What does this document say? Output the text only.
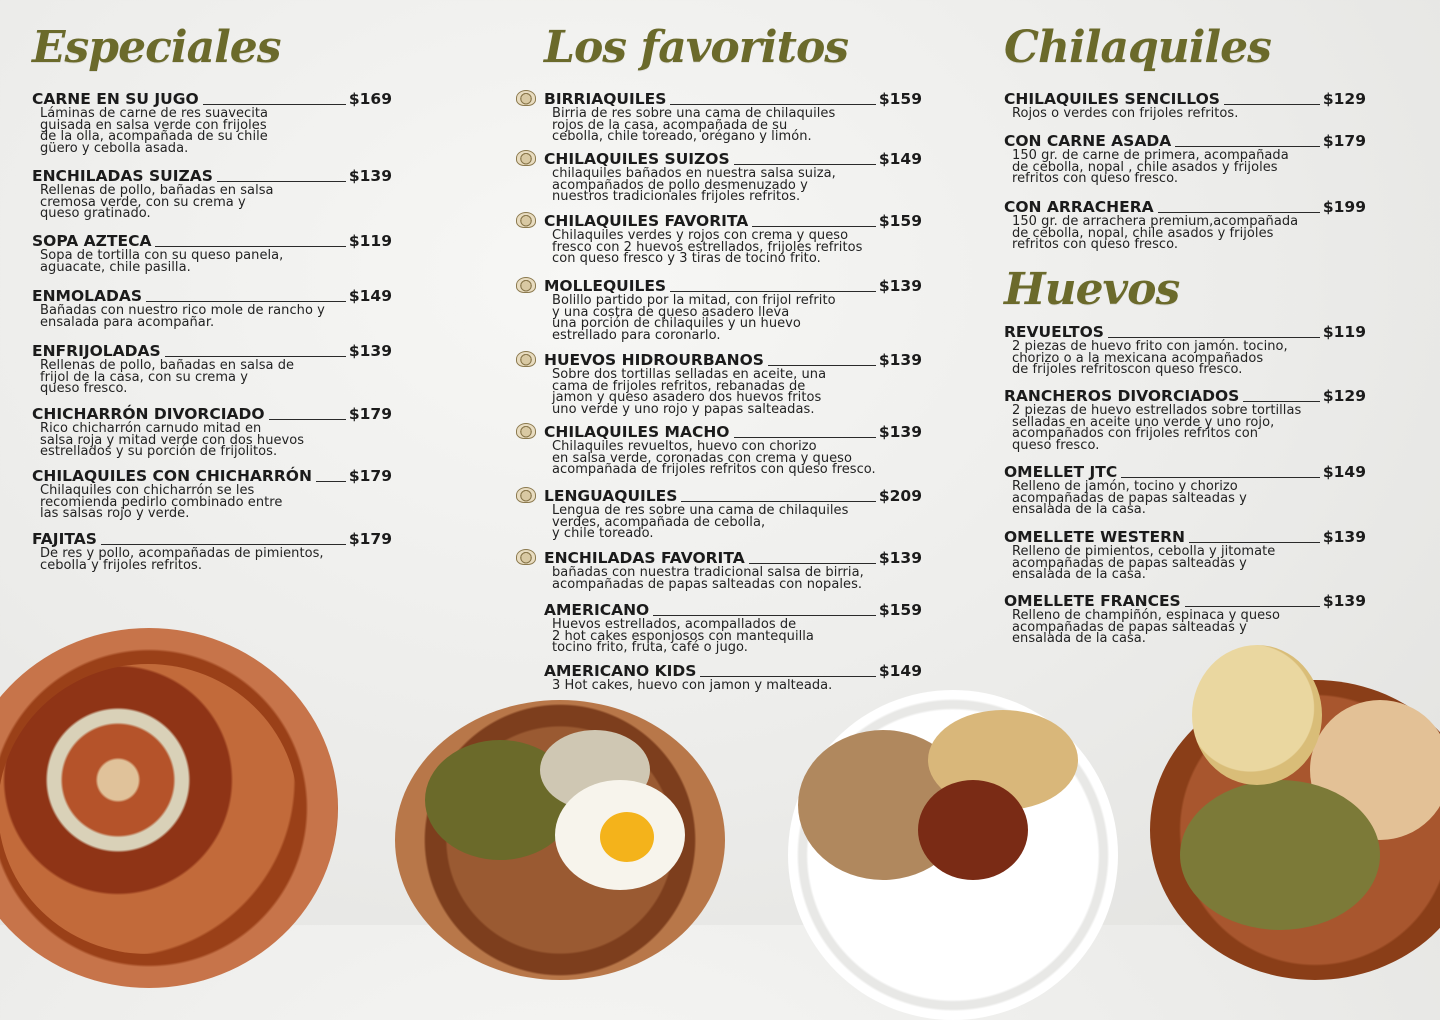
Especiales
CARNE EN SU JUGO	$169

Láminas de carne de res suavecita
guisada en salsa verde con frijoles
de la olla, acompañada de su chile
güero y cebolla asada.

ENCHILADAS SUIZAS	$139

Rellenas de pollo, bañadas en salsa
cremosa verde, con su crema y
queso gratinado.

SOPA AZTECA	$119

Sopa de tortilla con su queso panela,
aguacate, chile pasilla.

ENMOLADAS	$149

Bañadas con nuestro rico mole de rancho y
ensalada para acompañar.

ENFRIJOLADAS	$139

Rellenas de pollo, bañadas en salsa de
frijol de la casa, con su crema y
queso fresco.

CHICHARRÓN DIVORCIADO	$179

Rico chicharrón carnudo mitad en
salsa roja y mitad verde con dos huevos
estrellados y su porción de frijolitos.

CHILAQUILES CON CHICHARRÓN $179

Chilaquiles con chicharrón se les
recomienda pedirlo combinado entre
las salsas rojo y verde.

FAJITAS	$179

De res y pollo, acompañadas de pimientos,
cebolla y frijoles refritos.

Los favoritos
BIRRIAQUILES	$159

Birria de res sobre una cama de chilaquiles
rojos de la casa, acompañada de su
cebolla, chile toreado, orégano y limón.

CHILAQUILES SUIZOS	$149

chilaquiles bañados en nuestra salsa suiza,
acompañados de pollo desmenuzado y
nuestros tradicionales frijoles refritos.

CHILAQUILES FAVORITA	$159

Chilaquiles verdes y rojos con crema y queso
fresco con 2 huevos estrellados, frijoles refritos
con queso fresco y 3 tiras de tocino frito.

MOLLEQUILES	$139

Bolillo partido por la mitad, con frijol refrito
y una costra de queso asadero lleva
una porción de chilaquiles y un huevo
estrellado para coronarlo.

HUEVOS HIDROURBANOS	$139

Sobre dos tortillas selladas en aceite, una
cama de frijoles refritos, rebanadas de
jamon y queso asadero dos huevos fritos
uno verde y uno rojo y papas salteadas.

CHILAQUILES MACHO	$139

Chilaquiles revueltos, huevo con chorizo
en salsa verde, coronadas con crema y queso
acompañada de frijoles refritos con queso fresco.

LENGUAQUILES	$209

Lengua de res sobre una cama de chilaquiles
verdes, acompañada de cebolla,
y chile toreado.

ENCHILADAS FAVORITA	$139

bañadas con nuestra tradicional salsa de birria,
acompañadas de papas salteadas con nopales.

AMERICANO	$159

Huevos estrellados, acompallados de
2 hot cakes esponjosos con mantequilla
tocino frito, fruta, café o jugo.

AMERICANO KIDS	$149

3 Hot cakes, huevo con jamon y malteada.

Chilaquiles
CHILAQUILES SENCILLOS	$129

Rojos o verdes con frijoles refritos.

CON CARNE ASADA	$179

150 gr. de carne de primera, acompañada
de cebolla, nopal , chile asados y frijoles
refritos con queso fresco.

CON ARRACHERA	$199

150 gr. de arrachera premium,acompañada
de cebolla, nopal, chile asados y frijoles
refritos con queso fresco.

Huevos
REVUELTOS	$119

2 piezas de huevo frito con jamón. tocino,
chorizo o a la mexicana acompañados
de frijoles refritoscon queso fresco.

RANCHEROS DIVORCIADOS	$129

2 piezas de huevo estrellados sobre tortillas
selladas en aceite uno verde y uno rojo,
acompañados con frijoles refritos con
queso fresco.

OMELLET JTC	$149

Relleno de jamón, tocino y chorizo
acompañadas de papas salteadas y
ensalada de la casa.

OMELLETE WESTERN	$139

Relleno de pimientos, cebolla y jitomate
acompañadas de papas salteadas y
ensalada de la casa.

OMELLETE FRANCES	$139

Relleno de champiñón, espinaca y queso
acompañadas de papas salteadas y
ensalada de la casa.
